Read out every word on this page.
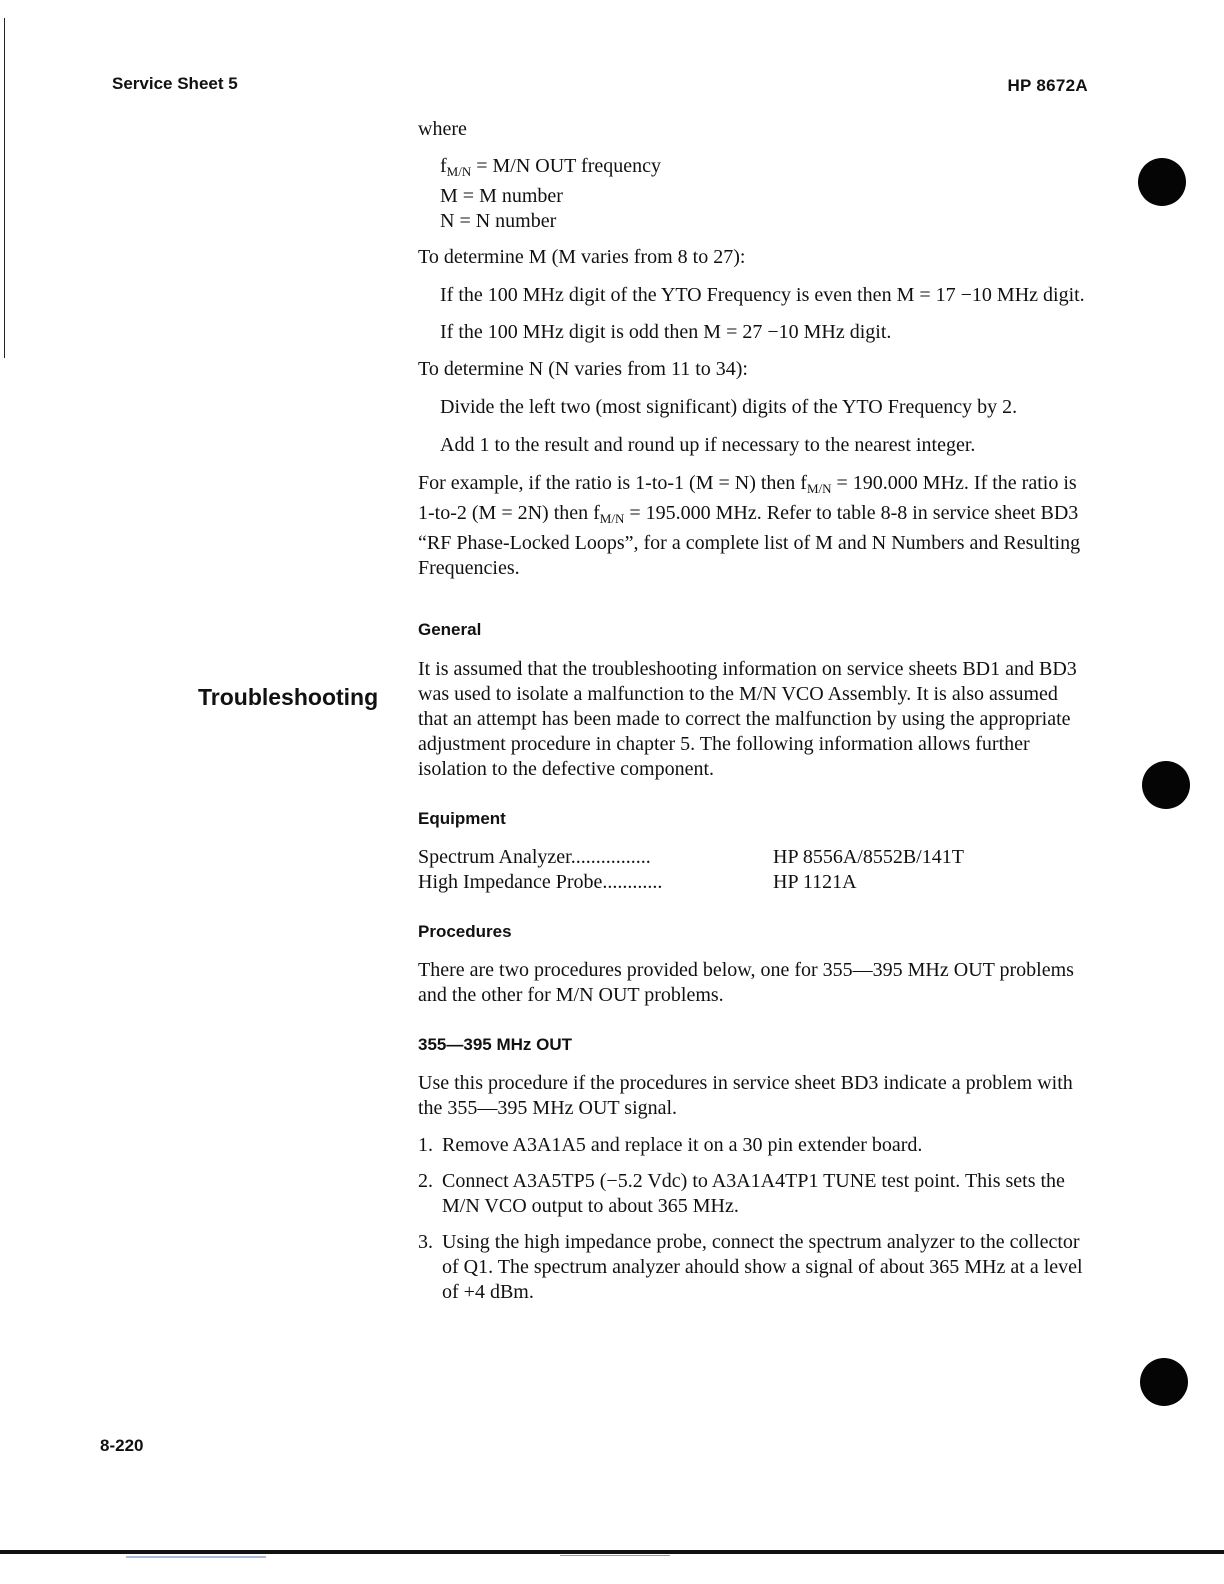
Service Sheet 5	HP 8672A
8-220
Troubleshooting

where

$f_{M/N} = M/N$ OUT frequency

M = M number

N = N number

To determine M (M varies from 8 to 27):

If the 100 MHz digit of the YTO Frequency is even then M = 17 −10 MHz digit.

If the 100 MHz digit is odd then M = 27 −10 MHz digit.

To determine N (N varies from 11 to 34):

Divide the left two (most significant) digits of the YTO Frequency by 2.

Add 1 to the result and round up if necessary to the nearest integer.

For example, if the ratio is 1-to-1 (M = N) then $f_{M/N} = 190.000$ MHz. If the ratio is 1-to-2 (M = 2N) then $f_{M/N} = 195.000$ MHz. Refer to table 8-8 in service sheet BD3 “RF Phase-Locked Loops”, for a complete list of M and N Numbers and Resulting Frequencies.

General

It is assumed that the troubleshooting information on service sheets BD1 and BD3 was used to isolate a malfunction to the M/N VCO Assembly. It is also assumed that an attempt has been made to correct the malfunction by using the appropriate adjustment procedure in chapter 5. The following information allows further isolation to the defective component.

Equipment

Spectrum Analyzer................	HP 8556A/8552B/141T
High Impedance Probe............	HP 1121A

Procedures

There are two procedures provided below, one for 355—395 MHz OUT problems and the other for M/N OUT problems.

355—395 MHz OUT

Use this procedure if the procedures in service sheet BD3 indicate a problem with the 355—395 MHz OUT signal.

1. Remove A3A1A5 and replace it on a 30 pin extender board.
2. Connect A3A5TP5 (−5.2 Vdc) to A3A1A4TP1 TUNE test point. This sets the M/N VCO output to about 365 MHz.
3. Using the high impedance probe, connect the spectrum analyzer to the collector of Q1. The spectrum analyzer ahould show a signal of about 365 MHz at a level of +4 dBm.
